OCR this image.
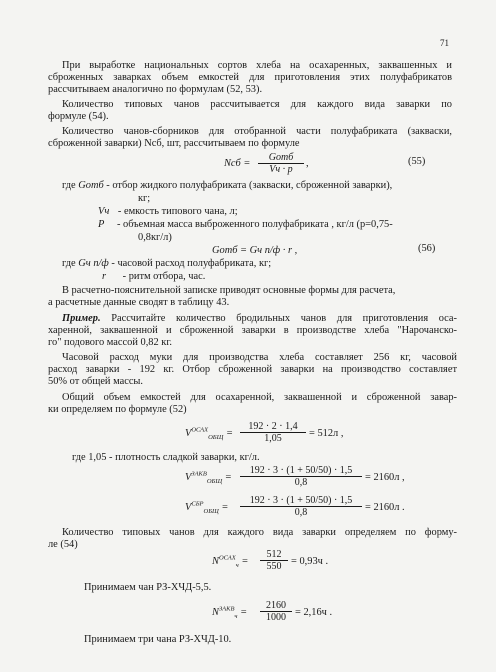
71
При выработке национальных сортов хлеба на осахаренных, заквашенных и
сброженных заварках объем емкостей для приготовления этих полуфабрикатов
рассчитываем аналогично по формулам (52, 53).
Количество типовых чанов рассчитывается для каждого вида заварки по
формуле (54).
Количество чанов-сборников для отобранной части полуфабриката (закваски,
сброженной заварки) Ncб, шт, рассчитываем по формуле
Ncб =
Gотб
Vч · p
,	(55)
где Gотб - отбор жидкого полуфабриката (закваски, сброженной заварки),
кг;
Vч - емкость типового чана, л;
P - объемная масса выброженного полуфабриката , кг/л (p=0,75-
0,8кг/л)
Gотб = Gч п/ф · r ,	(56)
где Gч п/ф - часовой расход полуфабриката, кг;
r - ритм отбора, час.
В расчетно-пояснительной записке приводят основные формы для расчета,
а расчетные данные сводят в таблицу 43.
Пример. Рассчитайте количество бродильных чанов для приготовления оса-
харенной, заквашенной и сброженной заварки в производстве хлеба "Нарочанско-
го" подового массой 0,82 кг.
Часовой расход муки для производства хлеба составляет 256 кг, часовой
расход заварки - 192 кг. Отбор сброженной заварки на производство составляет
50% от общей массы.
Общий объем емкостей для осахаренной, заквашенной и сброженной завар-
ки определяем по формуле (52)
$V^{ОСАХ}_{ОБЩ} = \frac{192 \cdot 2 \cdot 1,4}{1,05} = 512л$ ,
где 1,05 - плотность сладкой заварки, кг/л.
$V^{ЗАКВ}_{ОБЩ} = \frac{192 \cdot 3 \cdot (1 + 50/50) \cdot 1,5}{0,8} = 2160л$ ,
$V^{СБР}_{ОБЩ} = \frac{192 \cdot 3 \cdot (1 + 50/50) \cdot 1,5}{0,8} = 2160л$ .
Количество типовых чанов для каждого вида заварки определяем по форму-
ле (54)
$N^{ОСАХ}_ч = \frac{512}{550} = 0,93ч$ .
Принимаем чан РЗ-ХЧД-5,5.
$N^{ЗАКВ}_ч = \frac{2160}{1000} = 2,16ч$ .
Принимаем три чана РЗ-ХЧД-10.
